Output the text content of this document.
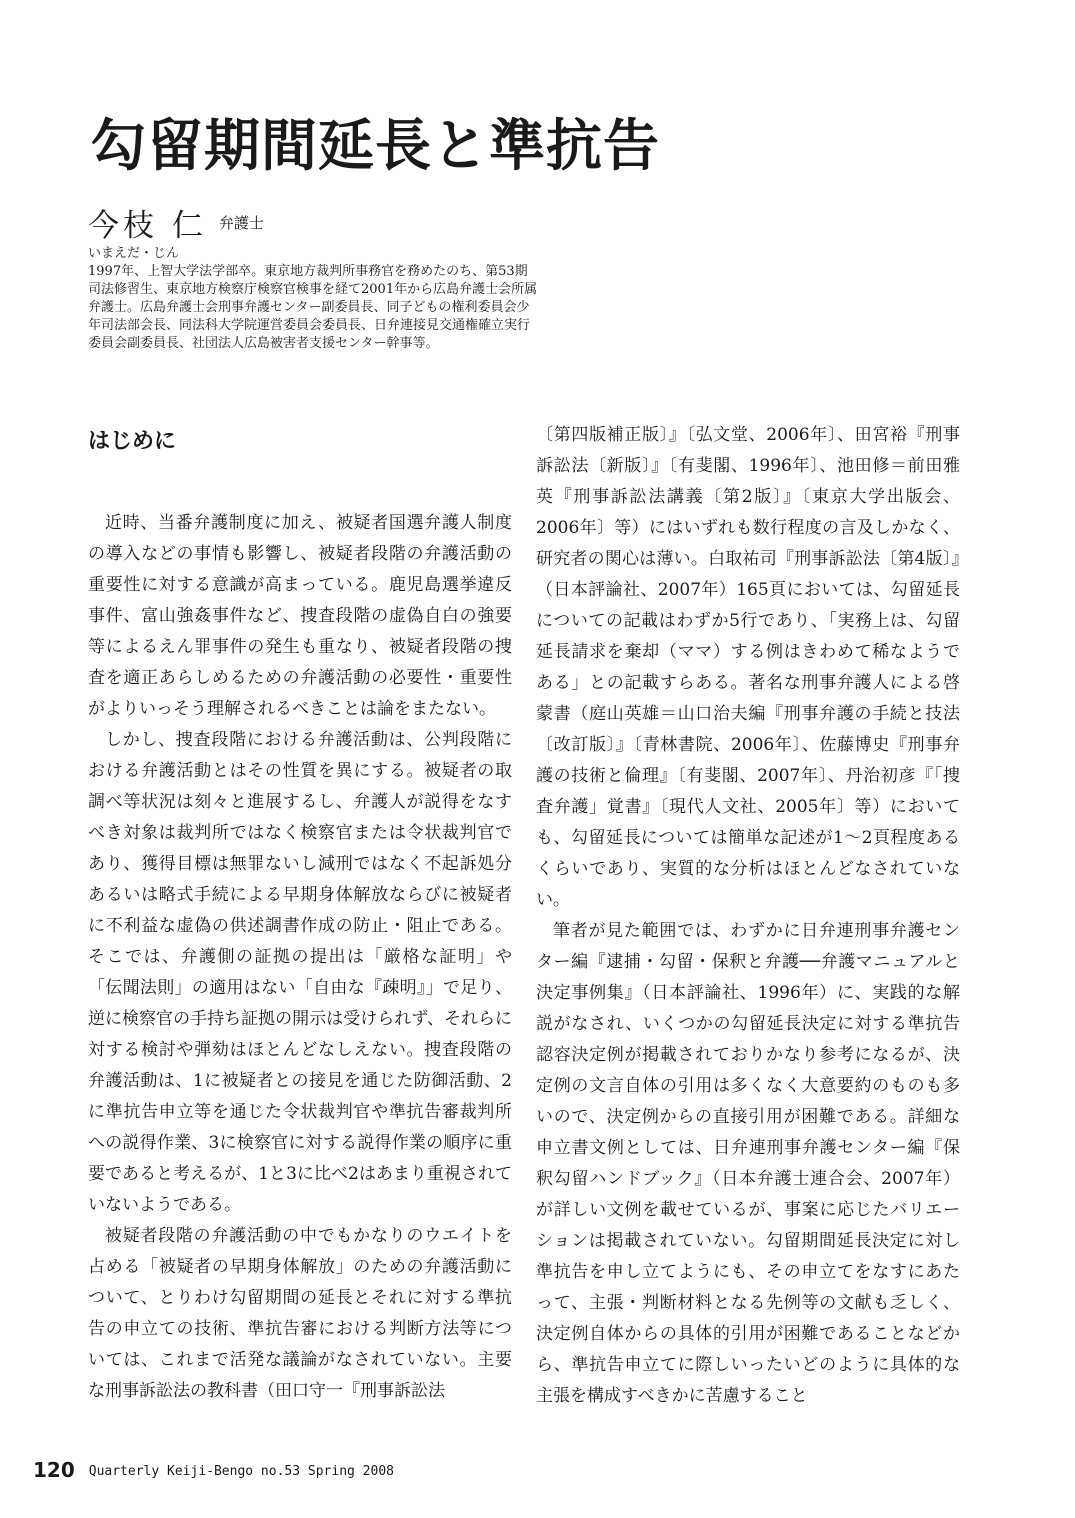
勾留期間延長と準抗告
今枝 仁 弁護士

いまえだ・じん

1997年、上智大学法学部卒。東京地方裁判所事務官を務めたのち、第53期司法修習生、東京地方検察庁検察官検事を経て2001年から広島弁護士会所属弁護士。広島弁護士会刑事弁護センター副委員長、同子どもの権利委員会少年司法部会長、同法科大学院運営委員会委員長、日弁連接見交通権確立実行委員会副委員長、社団法人広島被害者支援センター幹事等。

はじめに

近時、当番弁護制度に加え、被疑者国選弁護人制度の導入などの事情も影響し、被疑者段階の弁護活動の重要性に対する意識が高まっている。鹿児島選挙違反事件、富山強姦事件など、捜査段階の虚偽自白の強要等によるえん罪事件の発生も重なり、被疑者段階の捜査を適正あらしめるための弁護活動の必要性・重要性がよりいっそう理解されるべきことは論をまたない。

しかし、捜査段階における弁護活動は、公判段階における弁護活動とはその性質を異にする。被疑者の取調べ等状況は刻々と進展するし、弁護人が説得をなすべき対象は裁判所ではなく検察官または令状裁判官であり、獲得目標は無罪ないし減刑ではなく不起訴処分あるいは略式手続による早期身体解放ならびに被疑者に不利益な虚偽の供述調書作成の防止・阻止である。そこでは、弁護側の証拠の提出は「厳格な証明」や「伝聞法則」の適用はない「自由な『疎明』」で足り、逆に検察官の手持ち証拠の開示は受けられず、それらに対する検討や弾劾はほとんどなしえない。捜査段階の弁護活動は、1に被疑者との接見を通じた防御活動、2に準抗告申立等を通じた令状裁判官や準抗告審裁判所への説得作業、3に検察官に対する説得作業の順序に重要であると考えるが、1と3に比べ2はあまり重視されていないようである。

被疑者段階の弁護活動の中でもかなりのウエイトを占める「被疑者の早期身体解放」のための弁護活動について、とりわけ勾留期間の延長とそれに対する準抗告の申立ての技術、準抗告審における判断方法等については、これまで活発な議論がなされていない。主要な刑事訴訟法の教科書（田口守一『刑事訴訟法

〔第四版補正版〕』〔弘文堂、2006年〕、田宮裕『刑事訴訟法〔新版〕』〔有斐閣、1996年〕、池田修＝前田雅英『刑事訴訟法講義〔第2版〕』〔東京大学出版会、2006年〕等）にはいずれも数行程度の言及しかなく、研究者の関心は薄い。白取祐司『刑事訴訟法〔第4版〕』（日本評論社、2007年）165頁においては、勾留延長についての記載はわずか5行であり、「実務上は、勾留延長請求を棄却（ママ）する例はきわめて稀なようである」との記載すらある。著名な刑事弁護人による啓蒙書（庭山英雄＝山口治夫編『刑事弁護の手続と技法〔改訂版〕』〔青林書院、2006年〕、佐藤博史『刑事弁護の技術と倫理』〔有斐閣、2007年〕、丹治初彦『「捜査弁護」覚書』〔現代人文社、2005年〕等）においても、勾留延長については簡単な記述が1〜2頁程度あるくらいであり、実質的な分析はほとんどなされていない。

筆者が見た範囲では、わずかに日弁連刑事弁護センター編『逮捕・勾留・保釈と弁護──弁護マニュアルと決定事例集』（日本評論社、1996年）に、実践的な解説がなされ、いくつかの勾留延長決定に対する準抗告認容決定例が掲載されておりかなり参考になるが、決定例の文言自体の引用は多くなく大意要約のものも多いので、決定例からの直接引用が困難である。詳細な申立書文例としては、日弁連刑事弁護センター編『保釈勾留ハンドブック』（日本弁護士連合会、2007年）が詳しい文例を載せているが、事案に応じたバリエーションは掲載されていない。勾留期間延長決定に対し準抗告を申し立てようにも、その申立てをなすにあたって、主張・判断材料となる先例等の文献も乏しく、決定例自体からの具体的引用が困難であることなどから、準抗告申立てに際しいったいどのように具体的な主張を構成すべきかに苦慮すること

120 Quarterly Keiji-Bengo no.53 Spring 2008
